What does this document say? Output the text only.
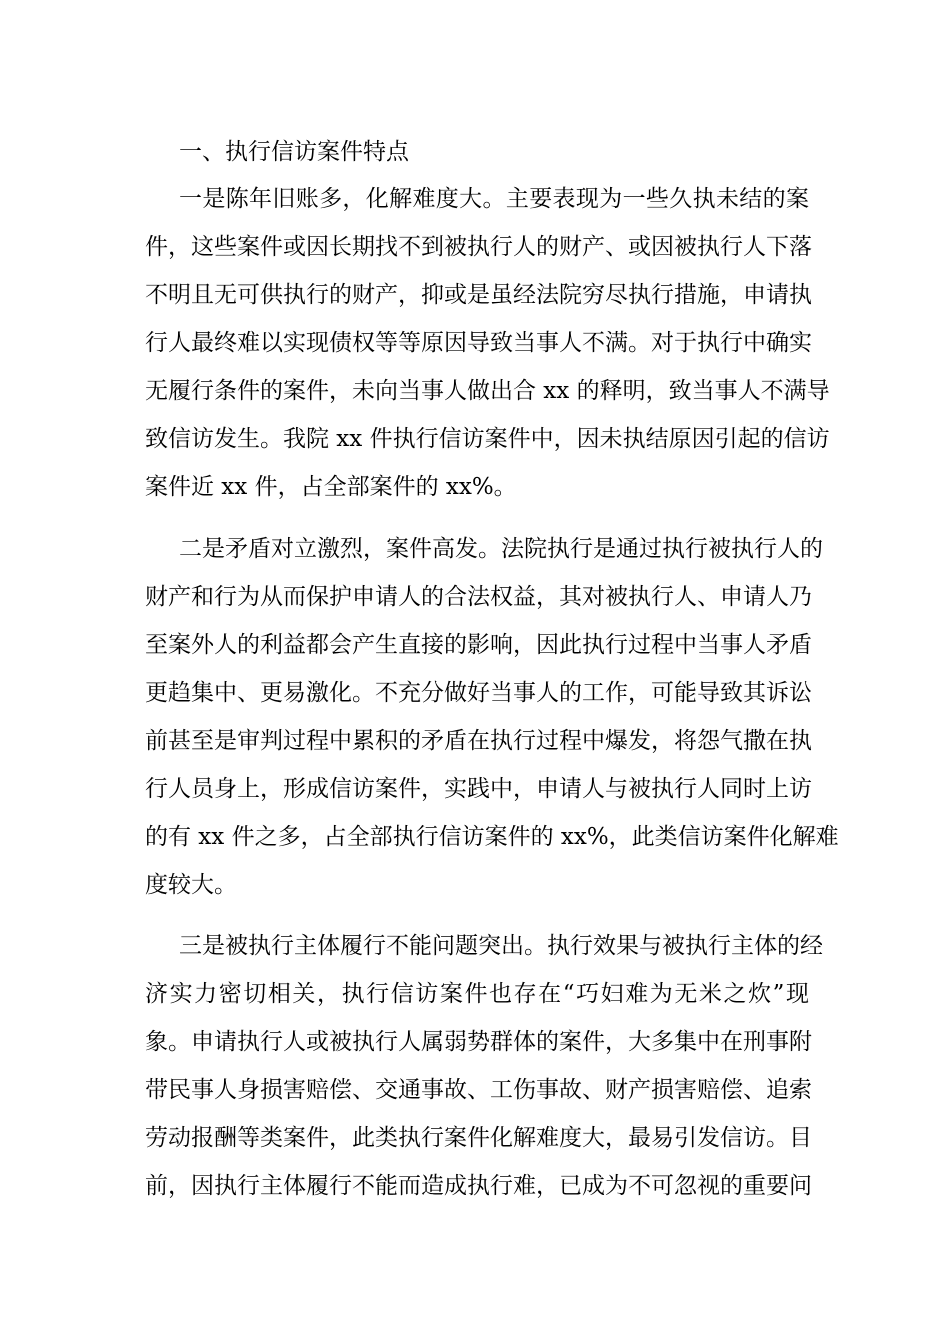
一、执行信访案件特点
一是陈年旧账多，化解难度大。主要表现为一些久执未结的案
件，这些案件或因长期找不到被执行人的财产、或因被执行人下落
不明且无可供执行的财产，抑或是虽经法院穷尽执行措施，申请执
行人最终难以实现债权等等原因导致当事人不满。对于执行中确实
无履行条件的案件，未向当事人做出合 xx 的释明，致当事人不满导
致信访发生。我院 xx 件执行信访案件中，因未执结原因引起的信访
案件近 xx 件，占全部案件的 xx%。
二是矛盾对立激烈，案件高发。法院执行是通过执行被执行人的
财产和行为从而保护申请人的合法权益，其对被执行人、申请人乃
至案外人的利益都会产生直接的影响，因此执行过程中当事人矛盾
更趋集中、更易激化。不充分做好当事人的工作，可能导致其诉讼
前甚至是审判过程中累积的矛盾在执行过程中爆发，将怨气撒在执
行人员身上，形成信访案件，实践中，申请人与被执行人同时上访
的有 xx 件之多，占全部执行信访案件的 xx%，此类信访案件化解难
度较大。
三是被执行主体履行不能问题突出。执行效果与被执行主体的经
济实力密切相关，执行信访案件也存在“巧妇难为无米之炊”现
象。申请执行人或被执行人属弱势群体的案件，大多集中在刑事附
带民事人身损害赔偿、交通事故、工伤事故、财产损害赔偿、追索
劳动报酬等类案件，此类执行案件化解难度大，最易引发信访。目
前，因执行主体履行不能而造成执行难，已成为不可忽视的重要问
